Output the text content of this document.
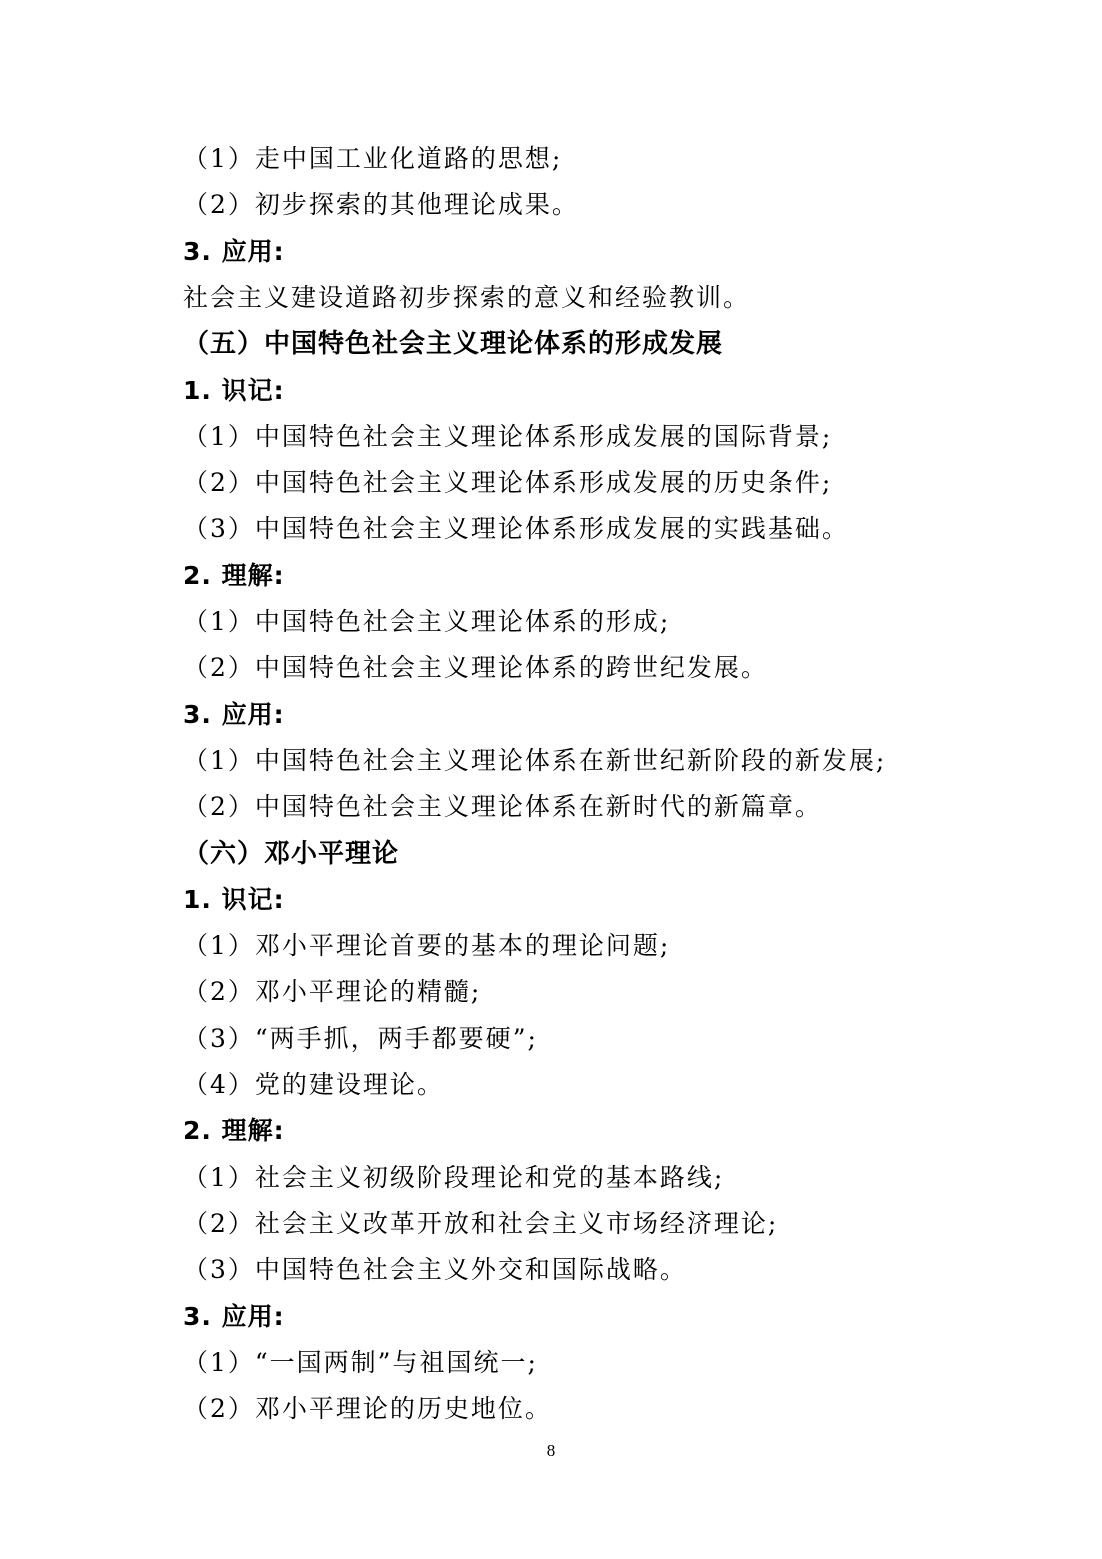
（1）走中国工业化道路的思想;
（2）初步探索的其他理论成果。
3. 应用:
社会主义建设道路初步探索的意义和经验教训。
（五）中国特色社会主义理论体系的形成发展
1. 识记:
（1）中国特色社会主义理论体系形成发展的国际背景;
（2）中国特色社会主义理论体系形成发展的历史条件;
（3）中国特色社会主义理论体系形成发展的实践基础。
2. 理解:
（1）中国特色社会主义理论体系的形成;
（2）中国特色社会主义理论体系的跨世纪发展。
3. 应用:
（1）中国特色社会主义理论体系在新世纪新阶段的新发展;
（2）中国特色社会主义理论体系在新时代的新篇章。
（六）邓小平理论
1. 识记:
（1）邓小平理论首要的基本的理论问题;
（2）邓小平理论的精髓;
（3）“两手抓，两手都要硬”;
（4）党的建设理论。
2. 理解:
（1）社会主义初级阶段理论和党的基本路线;
（2）社会主义改革开放和社会主义市场经济理论;
（3）中国特色社会主义外交和国际战略。
3. 应用:
（1）“一国两制”与祖国统一;
（2）邓小平理论的历史地位。
8
